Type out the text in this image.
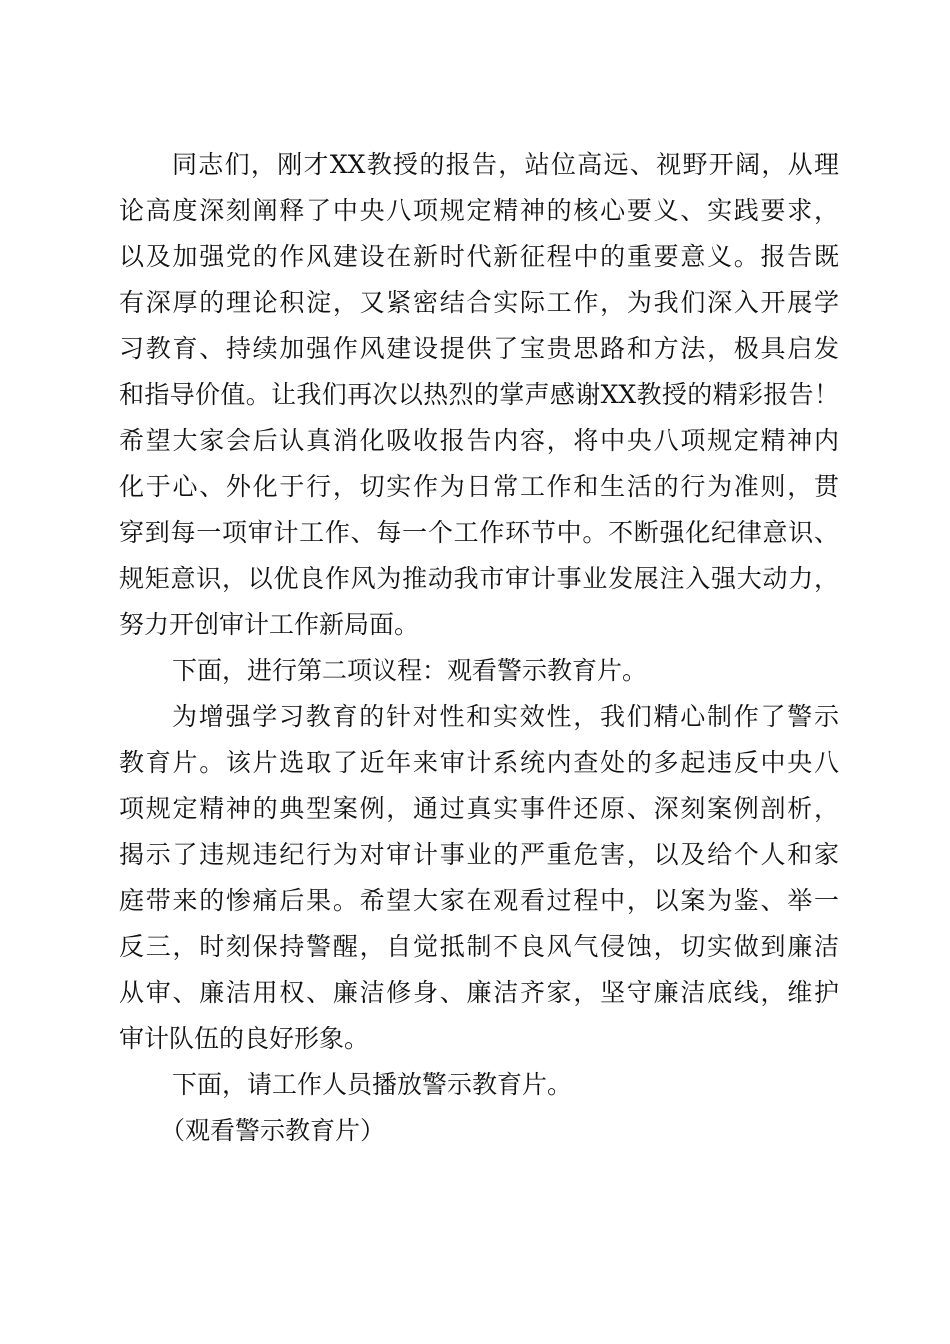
同志们，刚才XX教授的报告，站位高远、视野开阔，从理
论高度深刻阐释了中央八项规定精神的核心要义、实践要求，
以及加强党的作风建设在新时代新征程中的重要意义。报告既
有深厚的理论积淀，又紧密结合实际工作，为我们深入开展学
习教育、持续加强作风建设提供了宝贵思路和方法，极具启发
和指导价值。让我们再次以热烈的掌声感谢XX教授的精彩报告！
希望大家会后认真消化吸收报告内容，将中央八项规定精神内
化于心、外化于行，切实作为日常工作和生活的行为准则，贯
穿到每一项审计工作、每一个工作环节中。不断强化纪律意识、
规矩意识，以优良作风为推动我市审计事业发展注入强大动力，
努力开创审计工作新局面。
下面，进行第二项议程：观看警示教育片。
为增强学习教育的针对性和实效性，我们精心制作了警示
教育片。该片选取了近年来审计系统内查处的多起违反中央八
项规定精神的典型案例，通过真实事件还原、深刻案例剖析，
揭示了违规违纪行为对审计事业的严重危害，以及给个人和家
庭带来的惨痛后果。希望大家在观看过程中，以案为鉴、举一
反三，时刻保持警醒，自觉抵制不良风气侵蚀，切实做到廉洁
从审、廉洁用权、廉洁修身、廉洁齐家，坚守廉洁底线，维护
审计队伍的良好形象。
下面，请工作人员播放警示教育片。
（观看警示教育片）
